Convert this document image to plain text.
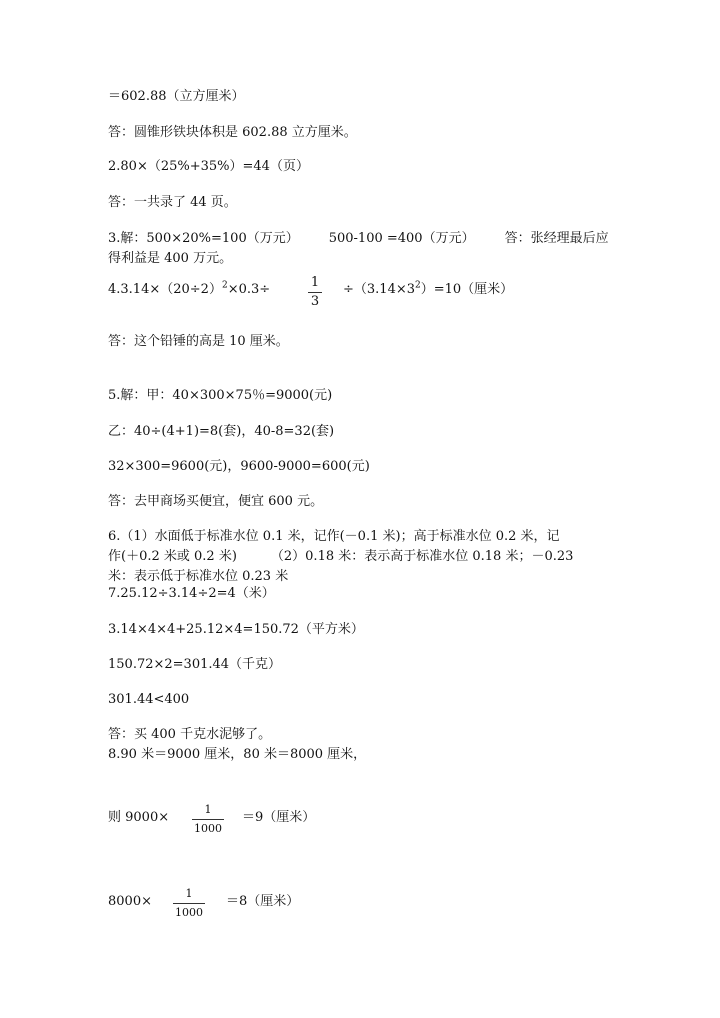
＝602.88（立方厘米）
答：圆锥形铁块体积是 602.88 立方厘米。
2.80×（25%+35%）=44（页）
答：一共录了 44 页。
3.解：500×20%=100（万元） 500-100 =400（万元） 答：张经理最后应
得利益是 400 万元。
$4.3.14\times(20\div 2)^2\times 0.3\div$	1
3
$\div(3.14\times 3^2)=10$（厘米）
答：这个铅锤的高是 10 厘米。
5.解：甲：40×300×75％=9000(元)
乙：40÷(4+1)=8(套)，40-8=32(套)
32×300=9600(元)，9600-9000=600(元)
答：去甲商场买便宜，便宜 600 元。
6.（1）水面低于标准水位 0.1 米，记作(－0.1 米)；高于标准水位 0.2 米，记
作(＋0.2 米或 0.2 米)	（2）0.18 米：表示高于标准水位 0.18 米；－0.23
米：表示低于标准水位 0.23 米
7.25.12÷3.14÷2=4（米）
3.14×4×4+25.12×4=150.72（平方米）
150.72×2=301.44（千克）
301.44<400
答：买 400 千克水泥够了。
8.90 米＝9000 厘米，80 米＝8000 厘米，
则 9000×
1
1000
＝9（厘米）
8000×
1
1000
＝8（厘米）
